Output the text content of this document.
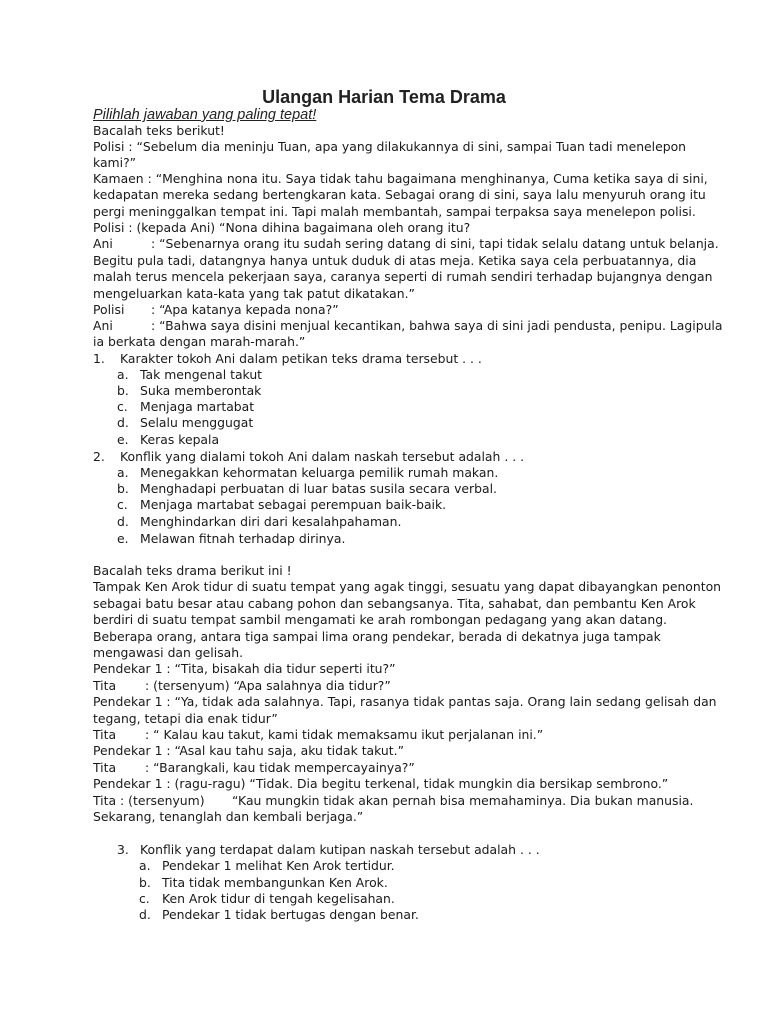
Ulangan Harian Tema Drama
Pilihlah jawaban yang paling tepat!
Bacalah teks berikut!
Polisi : “Sebelum dia meninju Tuan, apa yang dilakukannya di sini, sampai Tuan tadi menelepon
kami?”
Kamaen : “Menghina nona itu. Saya tidak tahu bagaimana menghinanya, Cuma ketika saya di sini,
kedapatan mereka sedang bertengkaran kata. Sebagai orang di sini, saya lalu menyuruh orang itu
pergi meninggalkan tempat ini. Tapi malah membantah, sampai terpaksa saya menelepon polisi.
Polisi : (kepada Ani) “Nona dihina bagaimana oleh orang itu?
Ani	: “Sebenarnya orang itu sudah sering datang di sini, tapi tidak selalu datang untuk belanja.
Begitu pula tadi, datangnya hanya untuk duduk di atas meja. Ketika saya cela perbuatannya, dia
malah terus mencela pekerjaan saya, caranya seperti di rumah sendiri terhadap bujangnya dengan
mengeluarkan kata-kata yang tak patut dikatakan.”
Polisi : “Apa katanya kepada nona?”
Ani	: “Bahwa saya disini menjual kecantikan, bahwa saya di sini jadi pendusta, penipu. Lagipula
ia berkata dengan marah-marah.”
1. Karakter tokoh Ani dalam petikan teks drama tersebut . . .
a. Tak mengenal takut
b. Suka memberontak
c. Menjaga martabat
d. Selalu menggugat
e. Keras kepala
2. Konflik yang dialami tokoh Ani dalam naskah tersebut adalah . . .
a. Menegakkan kehormatan keluarga pemilik rumah makan.
b. Menghadapi perbuatan di luar batas susila secara verbal.
c. Menjaga martabat sebagai perempuan baik-baik.
d. Menghindarkan diri dari kesalahpahaman.
e. Melawan fitnah terhadap dirinya.
Bacalah teks drama berikut ini !
Tampak Ken Arok tidur di suatu tempat yang agak tinggi, sesuatu yang dapat dibayangkan penonton
sebagai batu besar atau cabang pohon dan sebangsanya. Tita, sahabat, dan pembantu Ken Arok
berdiri di suatu tempat sambil mengamati ke arah rombongan pedagang yang akan datang.
Beberapa orang, antara tiga sampai lima orang pendekar, berada di dekatnya juga tampak
mengawasi dan gelisah.
Pendekar 1 : “Tita, bisakah dia tidur seperti itu?”
Tita : (tersenyum) “Apa salahnya dia tidur?”
Pendekar 1 : “Ya, tidak ada salahnya. Tapi, rasanya tidak pantas saja. Orang lain sedang gelisah dan
tegang, tetapi dia enak tidur”
Tita : “ Kalau kau takut, kami tidak memaksamu ikut perjalanan ini.”
Pendekar 1 : “Asal kau tahu saja, aku tidak takut.”
Tita : “Barangkali, kau tidak mempercayainya?”
Pendekar 1 : (ragu-ragu) “Tidak. Dia begitu terkenal, tidak mungkin dia bersikap sembrono.”
Tita : (tersenyum) “Kau mungkin tidak akan pernah bisa memahaminya. Dia bukan manusia.
Sekarang, tenanglah dan kembali berjaga.”
3. Konflik yang terdapat dalam kutipan naskah tersebut adalah . . .
a. Pendekar 1 melihat Ken Arok tertidur.
b. Tita tidak membangunkan Ken Arok.
c. Ken Arok tidur di tengah kegelisahan.
d. Pendekar 1 tidak bertugas dengan benar.
